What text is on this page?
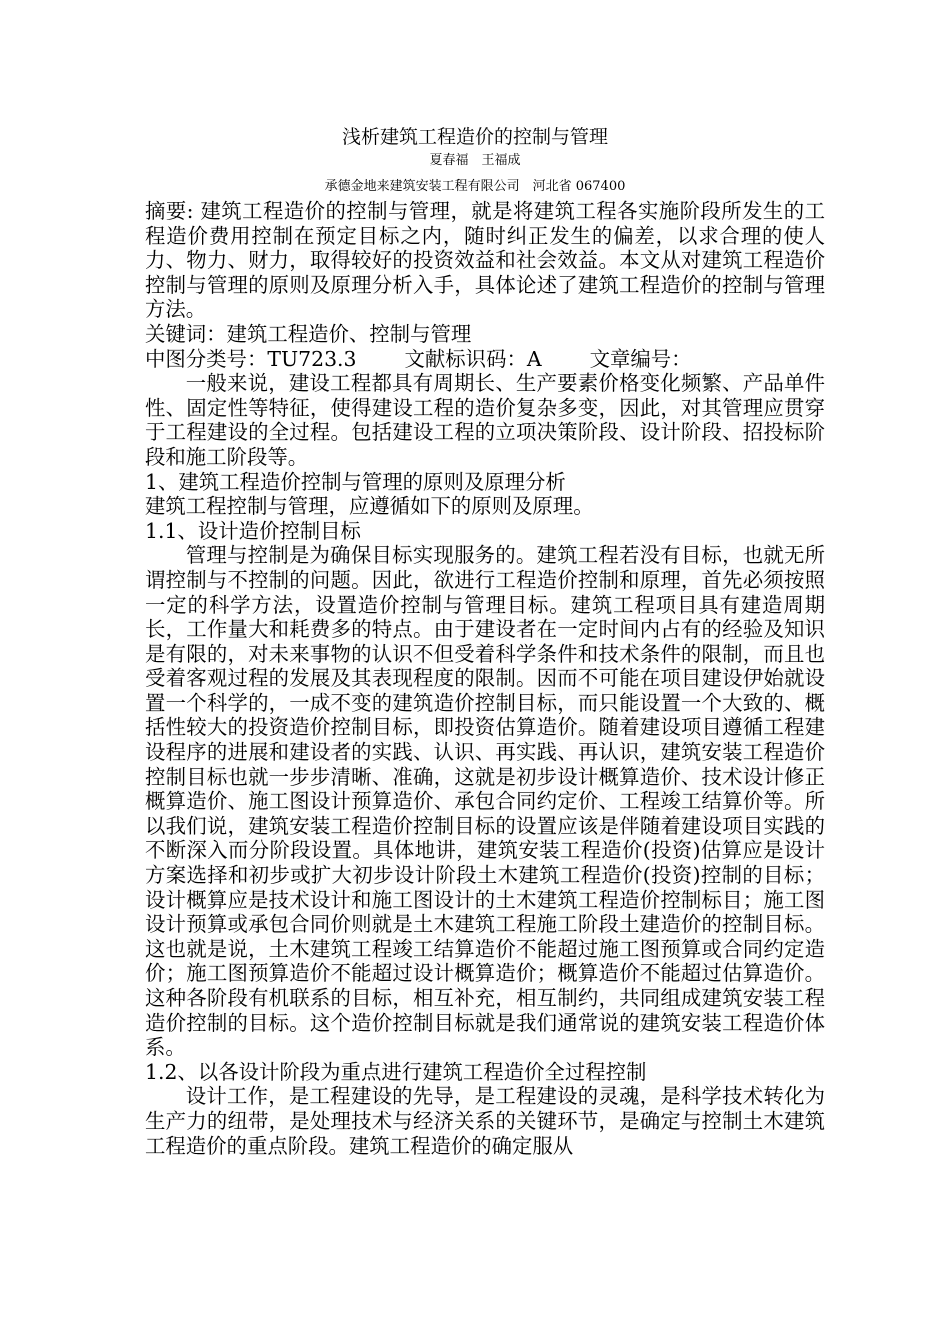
浅析建筑工程造价的控制与管理
夏春福　王福成
承德金地来建筑安装工程有限公司　河北省 067400

摘要: 建筑工程造价的控制与管理，就是将建筑工程各实施阶段所发生的工程造价费用控制在预定目标之内，随时纠正发生的偏差，以求合理的使人力、物力、财力，取得较好的投资效益和社会效益。本文从对建筑工程造价控制与管理的原则及原理分析入手，具体论述了建筑工程造价的控制与管理方法。

关键词：建筑工程造价、控制与管理

中图分类号：TU723.3 文献标识码：A 文章编号：

一般来说，建设工程都具有周期长、生产要素价格变化频繁、产品单件性、固定性等特征，使得建设工程的造价复杂多变，因此，对其管理应贯穿于工程建设的全过程。包括建设工程的立项决策阶段、设计阶段、招投标阶段和施工阶段等。

1、建筑工程造价控制与管理的原则及原理分析

建筑工程控制与管理，应遵循如下的原则及原理。

1.1、设计造价控制目标

管理与控制是为确保目标实现服务的。建筑工程若没有目标，也就无所谓控制与不控制的问题。因此，欲进行工程造价控制和原理，首先必须按照一定的科学方法，设置造价控制与管理目标。建筑工程项目具有建造周期长，工作量大和耗费多的特点。由于建设者在一定时间内占有的经验及知识是有限的，对未来事物的认识不但受着科学条件和技术条件的限制，而且也受着客观过程的发展及其表现程度的限制。因而不可能在项目建设伊始就设置一个科学的，一成不变的建筑造价控制目标，而只能设置一个大致的、概括性较大的投资造价控制目标，即投资估算造价。随着建设项目遵循工程建设程序的进展和建设者的实践、认识、再实践、再认识，建筑安装工程造价控制目标也就一步步清晰、准确，这就是初步设计概算造价、技术设计修正概算造价、施工图设计预算造价、承包合同约定价、工程竣工结算价等。所以我们说，建筑安装工程造价控制目标的设置应该是伴随着建设项目实践的不断深入而分阶段设置。具体地讲，建筑安装工程造价(投资)估算应是设计方案选择和初步或扩大初步设计阶段土木建筑工程造价(投资)控制的目标；设计概算应是技术设计和施工图设计的土木建筑工程造价控制标目；施工图设计预算或承包合同价则就是土木建筑工程施工阶段土建造价的控制目标。这也就是说，土木建筑工程竣工结算造价不能超过施工图预算或合同约定造价；施工图预算造价不能超过设计概算造价；概算造价不能超过估算造价。这种各阶段有机联系的目标，相互补充，相互制约，共同组成建筑安装工程造价控制的目标。这个造价控制目标就是我们通常说的建筑安装工程造价体系。

1.2、以各设计阶段为重点进行建筑工程造价全过程控制

设计工作，是工程建设的先导，是工程建设的灵魂，是科学技术转化为生产力的纽带，是处理技术与经济关系的关键环节，是确定与控制土木建筑工程造价的重点阶段。建筑工程造价的确定服从
